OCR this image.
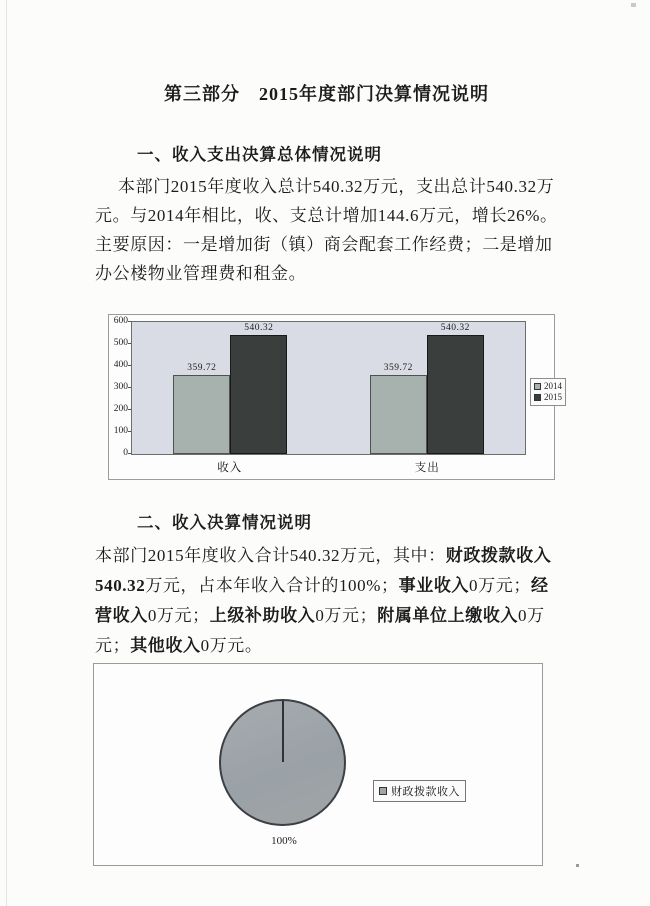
第三部分　2015年度部门决算情况说明
一、收入支出决算总体情况说明
本部门2015年度收入总计540.32万元，支出总计540.32万
元。与2014年相比，收、支总计增加144.6万元，增长26%。
主要原因：一是增加街（镇）商会配套工作经费；二是增加
办公楼物业管理费和租金。
0
100
200
300
400
500
600
359.72
540.32
359.72
540.32
收入	支出
2014
2015
二、收入决算情况说明
本部门2015年度收入合计540.32万元，其中：财政拨款收入
540.32万元，占本年收入合计的100%；事业收入0万元；经
营收入0万元；上级补助收入0万元；附属单位上缴收入0万
元；其他收入0万元。
100%
财政拨款收入
